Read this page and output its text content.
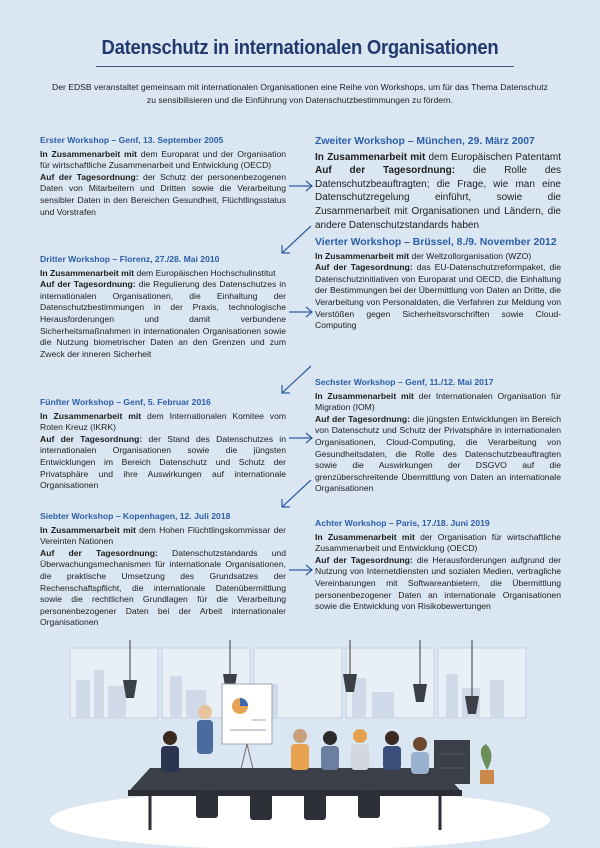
Datenschutz in internationalen Organisationen
Der EDSB veranstaltet gemeinsam mit internationalen Organisationen eine Reihe von Workshops, um für das Thema Datenschutz zu sensibilisieren und die Einführung von Datenschutzbestimmungen zu fördern.
Erster Workshop – Genf, 13. September 2005

In Zusammenarbeit mit dem Europarat und der Organisation für wirtschaftliche Zusammenarbeit und Entwicklung (OECD)

Auf der Tagesordnung: der Schutz der personenbezogenen Daten von Mitarbeitern und Dritten sowie die Verarbeitung sensibler Daten in den Bereichen Gesundheit, Flüchtlingsstatus und Vorstrafen

Zweiter Workshop – München, 29. März 2007

In Zusammenarbeit mit dem Europäischen Patentamt Auf der Tagesordnung: die Rolle des Datenschutzbeauftragten; die Frage, wie man eine Datenschutzregelung einführt, sowie die Zusammenarbeit mit Organisationen und Ländern, die andere Datenschutzstandards haben

Dritter Workshop – Florenz, 27./28. Mai 2010

In Zusammenarbeit mit dem Europäischen Hochschulinstitut

Auf der Tagesordnung: die Regulierung des Datenschutzes in internationalen Organisationen, die Einhaltung der Datenschutzbestimmungen in der Praxis, technologische Herausforderungen und damit verbundene Sicherheitsmaßnahmen in internationalen Organisationen sowie die Nutzung biometrischer Daten an den Grenzen und zum Zweck der inneren Sicherheit

Vierter Workshop – Brüssel, 8./9. November 2012

In Zusammenarbeit mit der Weltzollorganisation (WZO)

Auf der Tagesordnung: das EU-Datenschutzreformpaket, die Datenschutzinitiativen von Europarat und OECD, die Einhaltung der Bestimmungen bei der Übermittlung von Daten an Dritte, die Verarbeitung von Personaldaten, die Verfahren zur Meldung von Verstößen gegen Sicherheitsvorschriften sowie Cloud-Computing

Fünfter Workshop – Genf, 5. Februar 2016

In Zusammenarbeit mit dem Internationalen Komitee vom Roten Kreuz (IKRK)

Auf der Tagesordnung: der Stand des Datenschutzes in internationalen Organisationen sowie die jüngsten Entwicklungen im Bereich Datenschutz und Schutz der Privatsphäre und ihre Auswirkungen auf internationale Organisationen

Sechster Workshop – Genf, 11./12. Mai 2017

In Zusammenarbeit mit der Internationalen Organisation für Migration (IOM)

Auf der Tagesordnung: die jüngsten Entwicklungen im Bereich von Datenschutz und Schutz der Privatsphäre in internationalen Organisationen, Cloud-Computing, die Verarbeitung von Gesundheitsdaten, die Rolle des Datenschutzbeauftragten sowie die Auswirkungen der DSGVO auf die grenzüberschreitende Übermittlung von Daten an internationale Organisationen

Siebter Workshop – Kopenhagen, 12. Juli 2018

In Zusammenarbeit mit dem Hohen Flüchtlingskommissar der Vereinten Nationen

Auf der Tagesordnung: Datenschutzstandards und Überwachungsmechanismen für internationale Organisationen, die praktische Umsetzung des Grundsatzes der Rechenschaftspflicht, die internationale Datenübermittlung sowie die rechtlichen Grundlagen für die Verarbeitung personenbezogener Daten bei der Arbeit internationaler Organisationen

Achter Workshop – Paris, 17./18. Juni 2019

In Zusammenarbeit mit der Organisation für wirtschaftliche Zusammenarbeit und Entwicklung (OECD)

Auf der Tagesordnung: die Herausforderungen aufgrund der Nutzung von Internetdiensten und sozialen Medien, vertragliche Vereinbarungen mit Softwareanbietern, die Übermittlung personenbezogener Daten an internationale Organisationen sowie die Entwicklung von Risikobewertungen
